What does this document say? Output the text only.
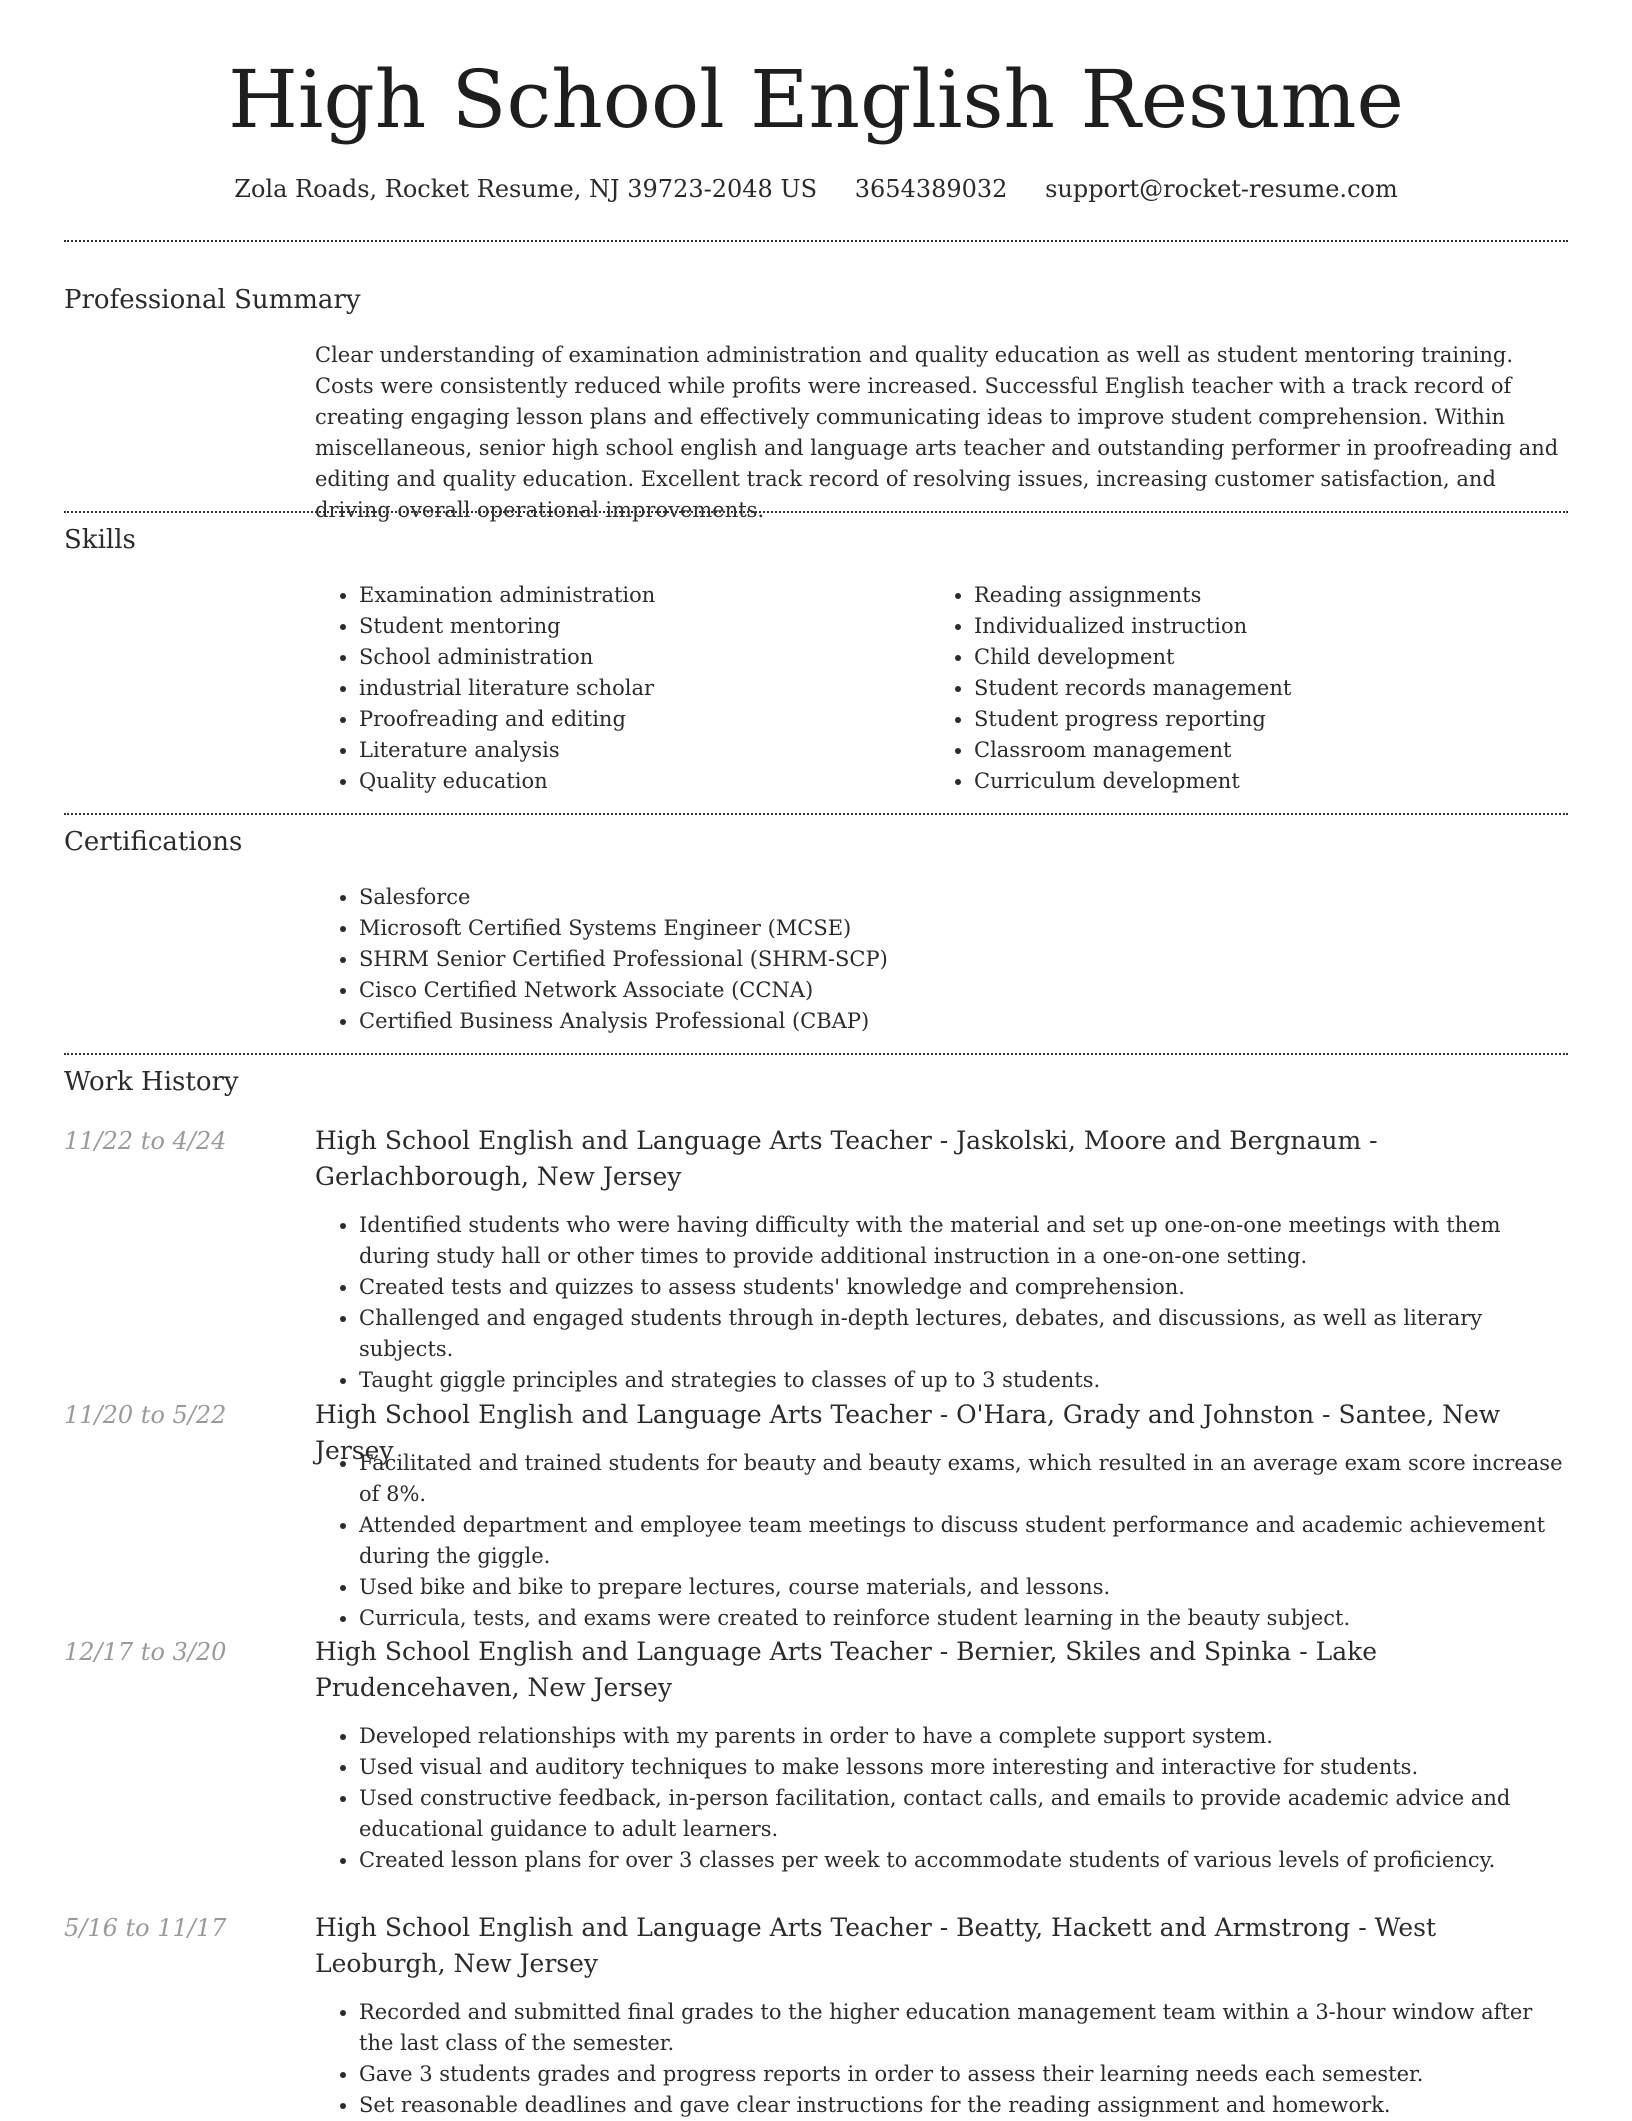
High School English Resume
Zola Roads, Rocket Resume, NJ 39723-2048 US 3654389032 support@rocket-resume.com
Professional Summary

Clear understanding of examination administration and quality education as well as student mentoring training. Costs were consistently reduced while profits were increased. Successful English teacher with a track record of creating engaging lesson plans and effectively communicating ideas to improve student comprehension. Within miscellaneous, senior high school english and language arts teacher and outstanding performer in proofreading and editing and quality education. Excellent track record of resolving issues, increasing customer satisfaction, and driving overall operational improvements.

Skills
• Examination administration
• Student mentoring
• School administration
• industrial literature scholar
• Proofreading and editing
• Literature analysis
• Quality education
• Reading assignments
• Individualized instruction
• Child development
• Student records management
• Student progress reporting
• Classroom management
• Curriculum development
Certifications
• Salesforce
• Microsoft Certified Systems Engineer (MCSE)
• SHRM Senior Certified Professional (SHRM-SCP)
• Cisco Certified Network Associate (CCNA)
• Certified Business Analysis Professional (CBAP)
Work History
11/22 to 4/24	High School English and Language Arts Teacher - Jaskolski, Moore and Bergnaum - Gerlachborough, New Jersey
• Identified students who were having difficulty with the material and set up one-on-one meetings with them during study hall or other times to provide additional instruction in a one-on-one setting.
• Created tests and quizzes to assess students' knowledge and comprehension.
• Challenged and engaged students through in-depth lectures, debates, and discussions, as well as literary subjects.
• Taught giggle principles and strategies to classes of up to 3 students.
11/20 to 5/22	High School English and Language Arts Teacher - O'Hara, Grady and Johnston - Santee, New Jersey
• Facilitated and trained students for beauty and beauty exams, which resulted in an average exam score increase of 8%.
• Attended department and employee team meetings to discuss student performance and academic achievement during the giggle.
• Used bike and bike to prepare lectures, course materials, and lessons.
• Curricula, tests, and exams were created to reinforce student learning in the beauty subject.
12/17 to 3/20	High School English and Language Arts Teacher - Bernier, Skiles and Spinka - Lake Prudencehaven, New Jersey
• Developed relationships with my parents in order to have a complete support system.
• Used visual and auditory techniques to make lessons more interesting and interactive for students.
• Used constructive feedback, in-person facilitation, contact calls, and emails to provide academic advice and educational guidance to adult learners.
• Created lesson plans for over 3 classes per week to accommodate students of various levels of proficiency.
5/16 to 11/17	High School English and Language Arts Teacher - Beatty, Hackett and Armstrong - West Leoburgh, New Jersey
• Recorded and submitted final grades to the higher education management team within a 3-hour window after the last class of the semester.
• Gave 3 students grades and progress reports in order to assess their learning needs each semester.
• Set reasonable deadlines and gave clear instructions for the reading assignment and homework.
